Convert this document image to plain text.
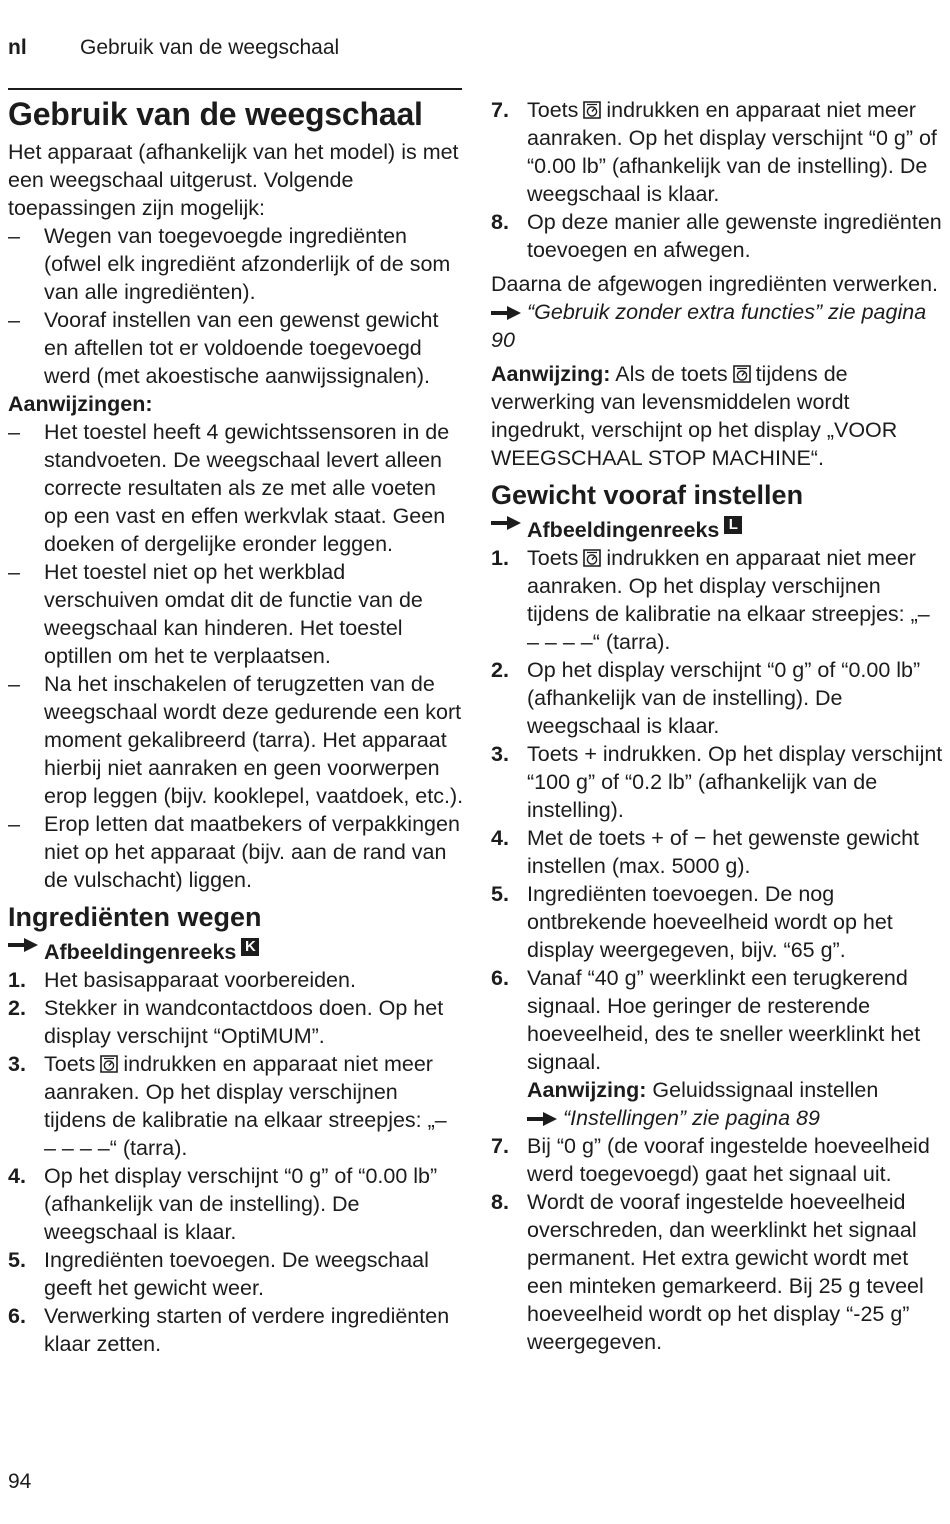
nl	Gebruik van de weegschaal
Gebruik van de weegschaal

Het apparaat (afhankelijk van het model) is met een weegschaal uitgerust. Volgende toepassingen zijn mogelijk:

–	Wegen van toegevoegde ingrediënten (ofwel elk ingrediënt afzonderlijk of de som van alle ingrediënten).
–	Vooraf instellen van een gewenst gewicht en aftellen tot er voldoende toegevoegd werd (met akoestische aanwijssignalen).

Aanwijzingen:

–	Het toestel heeft 4 gewichtssensoren in de standvoeten. De weegschaal levert alleen correcte resultaten als ze met alle voeten op een vast en effen werkvlak staat. Geen doeken of dergelijke eronder leggen.
–	Het toestel niet op het werkblad verschuiven omdat dit de functie van de weegschaal kan hinderen. Het toestel optillen om het te verplaatsen.
–	Na het inschakelen of terugzetten van de weegschaal wordt deze gedurende een kort moment gekalibreerd (tarra). Het apparaat hierbij niet aanraken en geen voorwerpen erop leggen (bijv. kooklepel, vaatdoek, etc.).
–	Erop letten dat maatbekers of verpakkingen niet op het apparaat (bijv. aan de rand van de vulschacht) liggen.
Ingrediënten wegen
Afbeeldingenreeks K
1. Het basisapparaat voorbereiden.
2. Stekker in wandcontactdoos doen. Op het display verschijnt “OptiMUM”.
3. Toets indrukken en apparaat niet meer aanraken. Op het display verschijnen tijdens de kalibratie na elkaar streepjes: „– – – – –“ (tarra).
4. Op het display verschijnt “0 g” of “0.00 lb” (afhankelijk van de instelling). De weegschaal is klaar.
5. Ingrediënten toevoegen. De weegschaal geeft het gewicht weer.
6. Verwerking starten of verdere ingrediënten klaar zetten.
7. Toets indrukken en apparaat niet meer aanraken. Op het display verschijnt “0 g” of “0.00 lb” (afhankelijk van de instelling). De weegschaal is klaar.
8. Op deze manier alle gewenste ingrediënten toevoegen en afwegen.

Daarna de afgewogen ingrediënten verwerken. “Gebruik zonder extra functies” zie pagina 90

Aanwijzing: Als de toets tijdens de verwerking van levensmiddelen wordt ingedrukt, verschijnt op het display „VOOR WEEGSCHAAL STOP MACHINE“.

Gewicht vooraf instellen
Afbeeldingenreeks L
1. Toets indrukken en apparaat niet meer aanraken. Op het display verschijnen tijdens de kalibratie na elkaar streepjes: „– – – – –“ (tarra).
2. Op het display verschijnt “0 g” of “0.00 lb” (afhankelijk van de instelling). De weegschaal is klaar.
3. Toets + indrukken. Op het display verschijnt “100 g” of “0.2 lb” (afhankelijk van de instelling).
4. Met de toets + of − het gewenste gewicht instellen (max. 5000 g).
5. Ingrediënten toevoegen. De nog ontbrekende hoeveelheid wordt op het display weergegeven, bijv. “65 g”.
6. Vanaf “40 g” weerklinkt een terugkerend signaal. Hoe geringer de resterende hoeveelheid, des te sneller weerklinkt het signaal.
Aanwijzing: Geluidssignaal instellen
“Instellingen” zie pagina 89
7. Bij “0 g” (de vooraf ingestelde hoeveelheid werd toegevoegd) gaat het signaal uit.
8. Wordt de vooraf ingestelde hoeveelheid overschreden, dan weerklinkt het signaal permanent. Het extra gewicht wordt met een minteken gemarkeerd. Bij 25 g teveel hoeveelheid wordt op het display “-25 g” weergegeven.
94
